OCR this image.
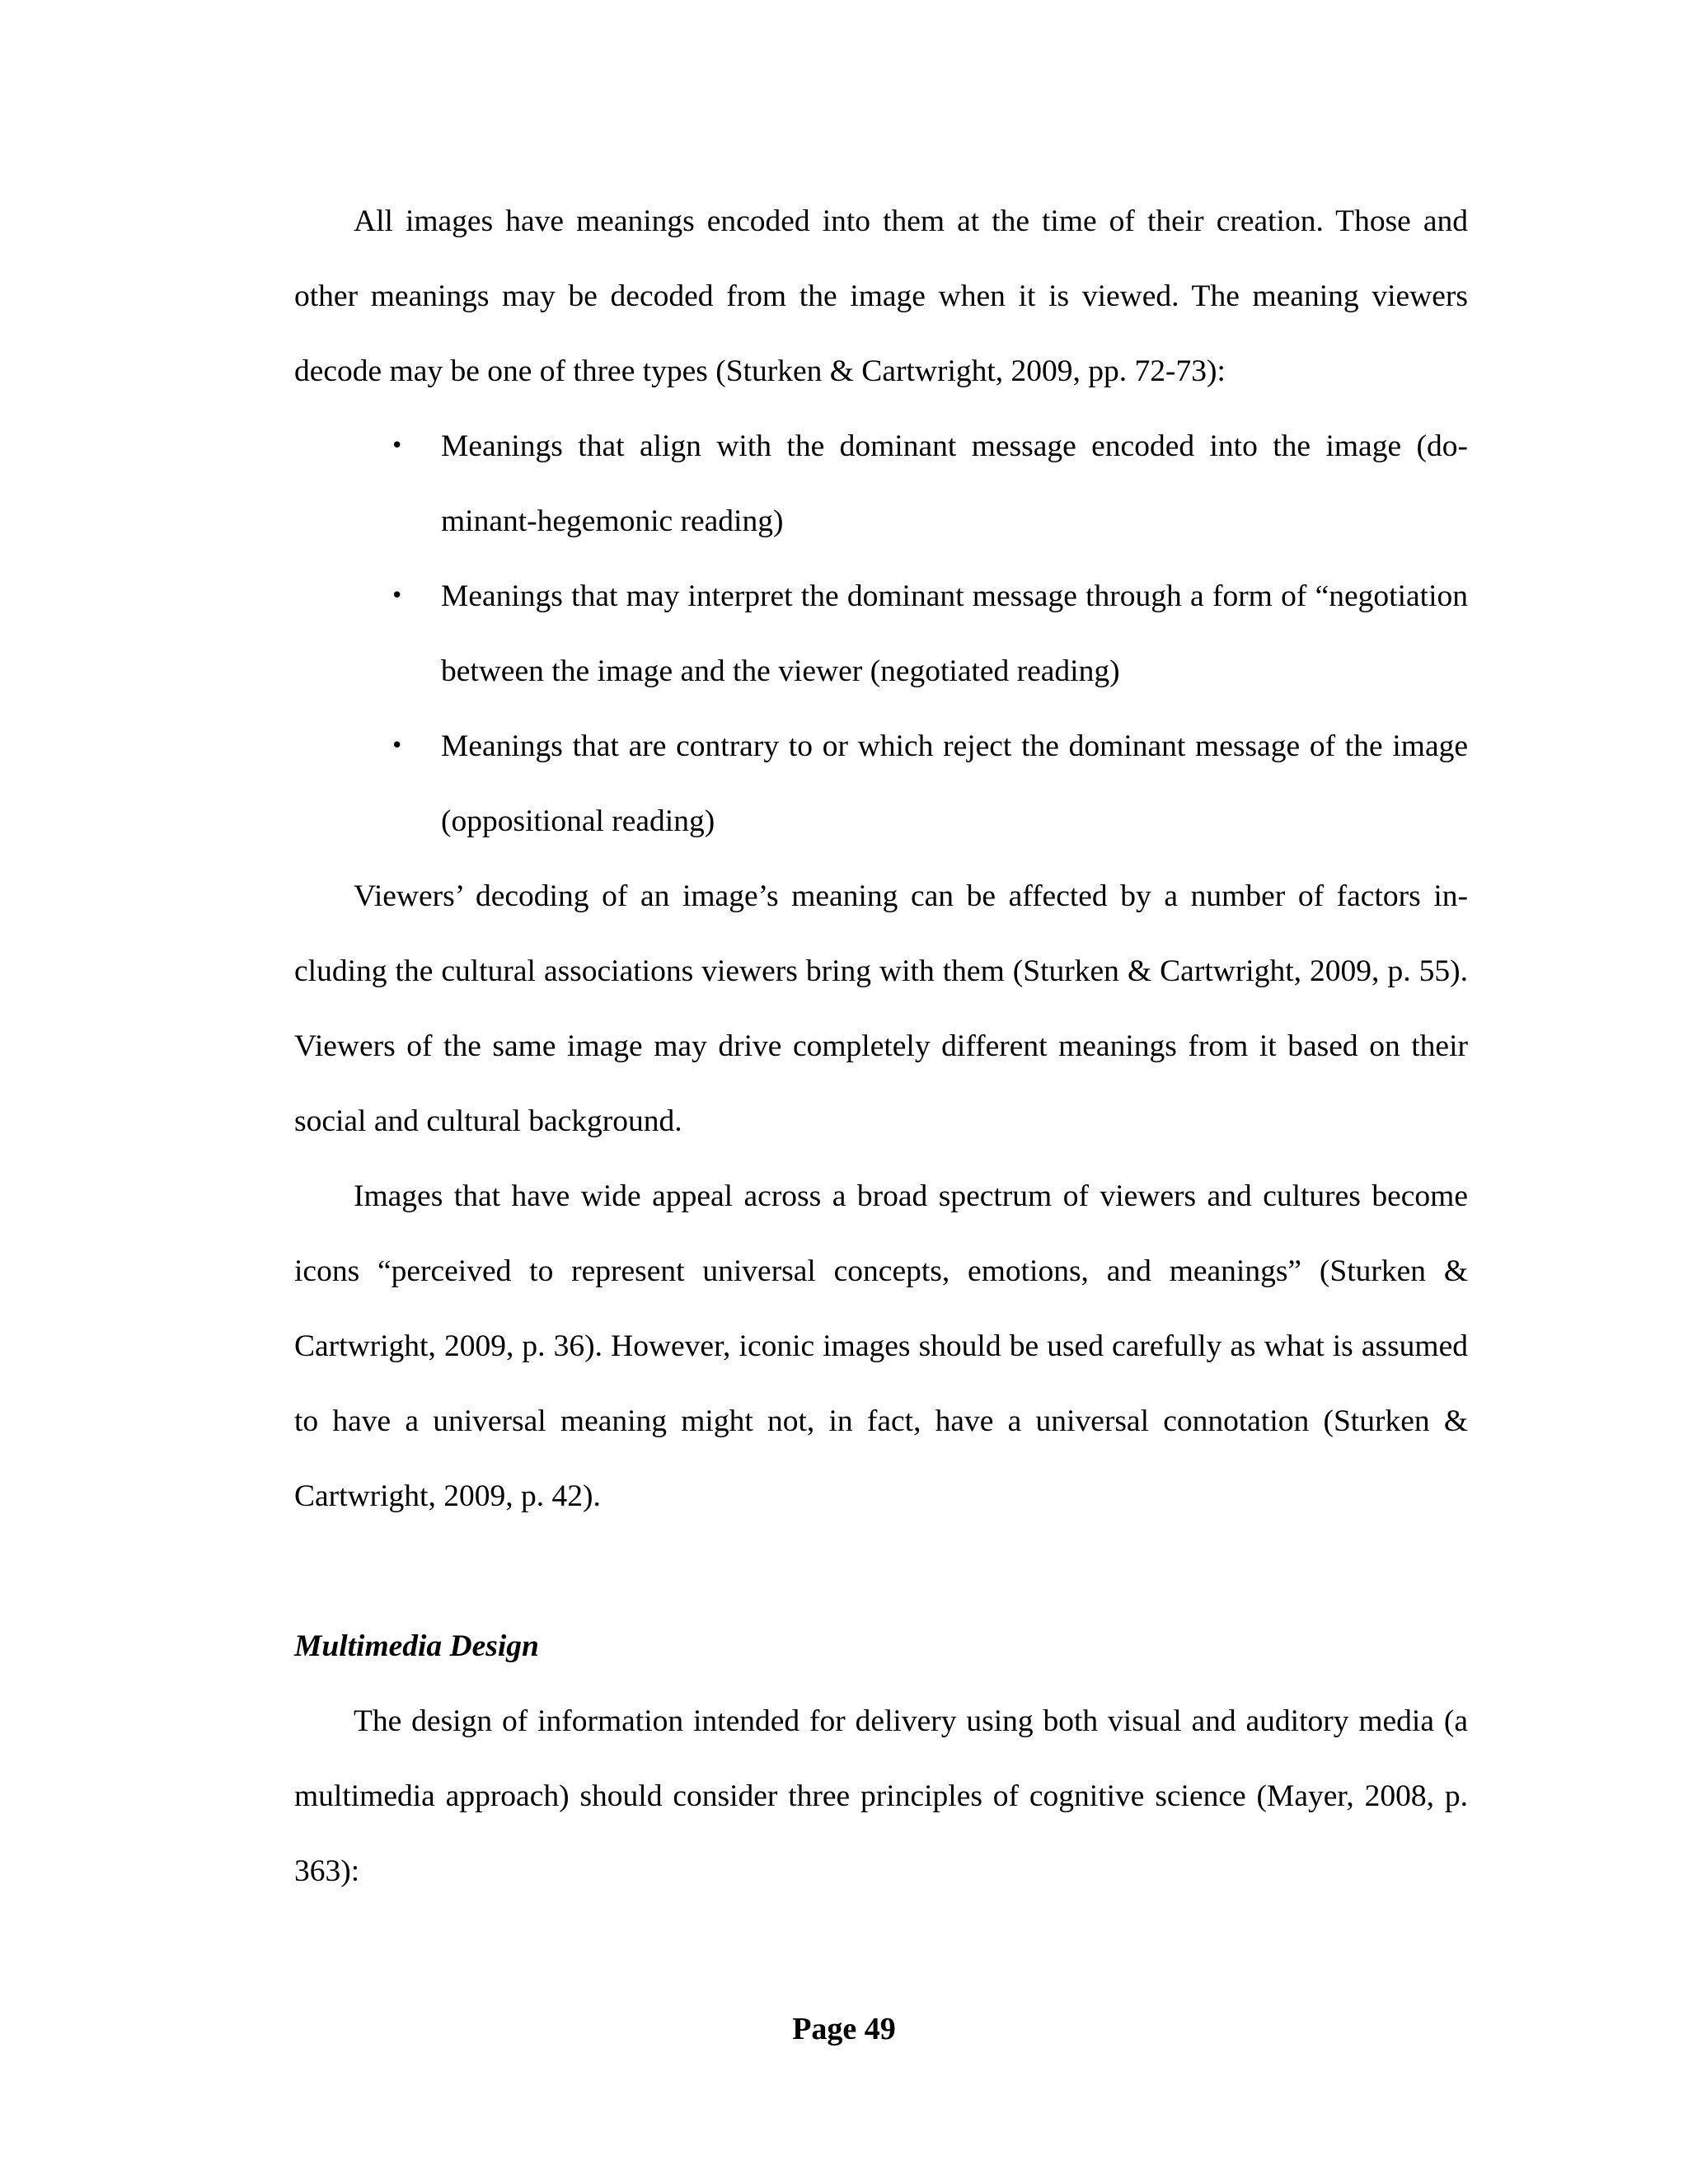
All images have meanings encoded into them at the time of their creation. Those and other meanings may be decoded from the image when it is viewed. The meaning viewers decode may be one of three types (Sturken & Cartwright, 2009, pp. 72-73):

• Meanings that align with the dominant message encoded into the image (dominant-hegemonic reading)
• Meanings that may interpret the dominant message through a form of “negotiation between the image and the viewer (negotiated reading)
• Meanings that are contrary to or which reject the dominant message of the image (oppositional reading)

Viewers’ decoding of an image’s meaning can be affected by a number of factors including the cultural associations viewers bring with them (Sturken & Cartwright, 2009, p. 55). Viewers of the same image may drive completely different meanings from it based on their social and cultural background.

Images that have wide appeal across a broad spectrum of viewers and cultures become icons “perceived to represent universal concepts, emotions, and meanings” (Sturken & Cartwright, 2009, p. 36). However, iconic images should be used carefully as what is assumed to have a universal meaning might not, in fact, have a universal connotation (Sturken & Cartwright, 2009, p. 42).

Multimedia Design

The design of information intended for delivery using both visual and auditory media (a multimedia approach) should consider three principles of cognitive science (Mayer, 2008, p. 363):

Page 49
